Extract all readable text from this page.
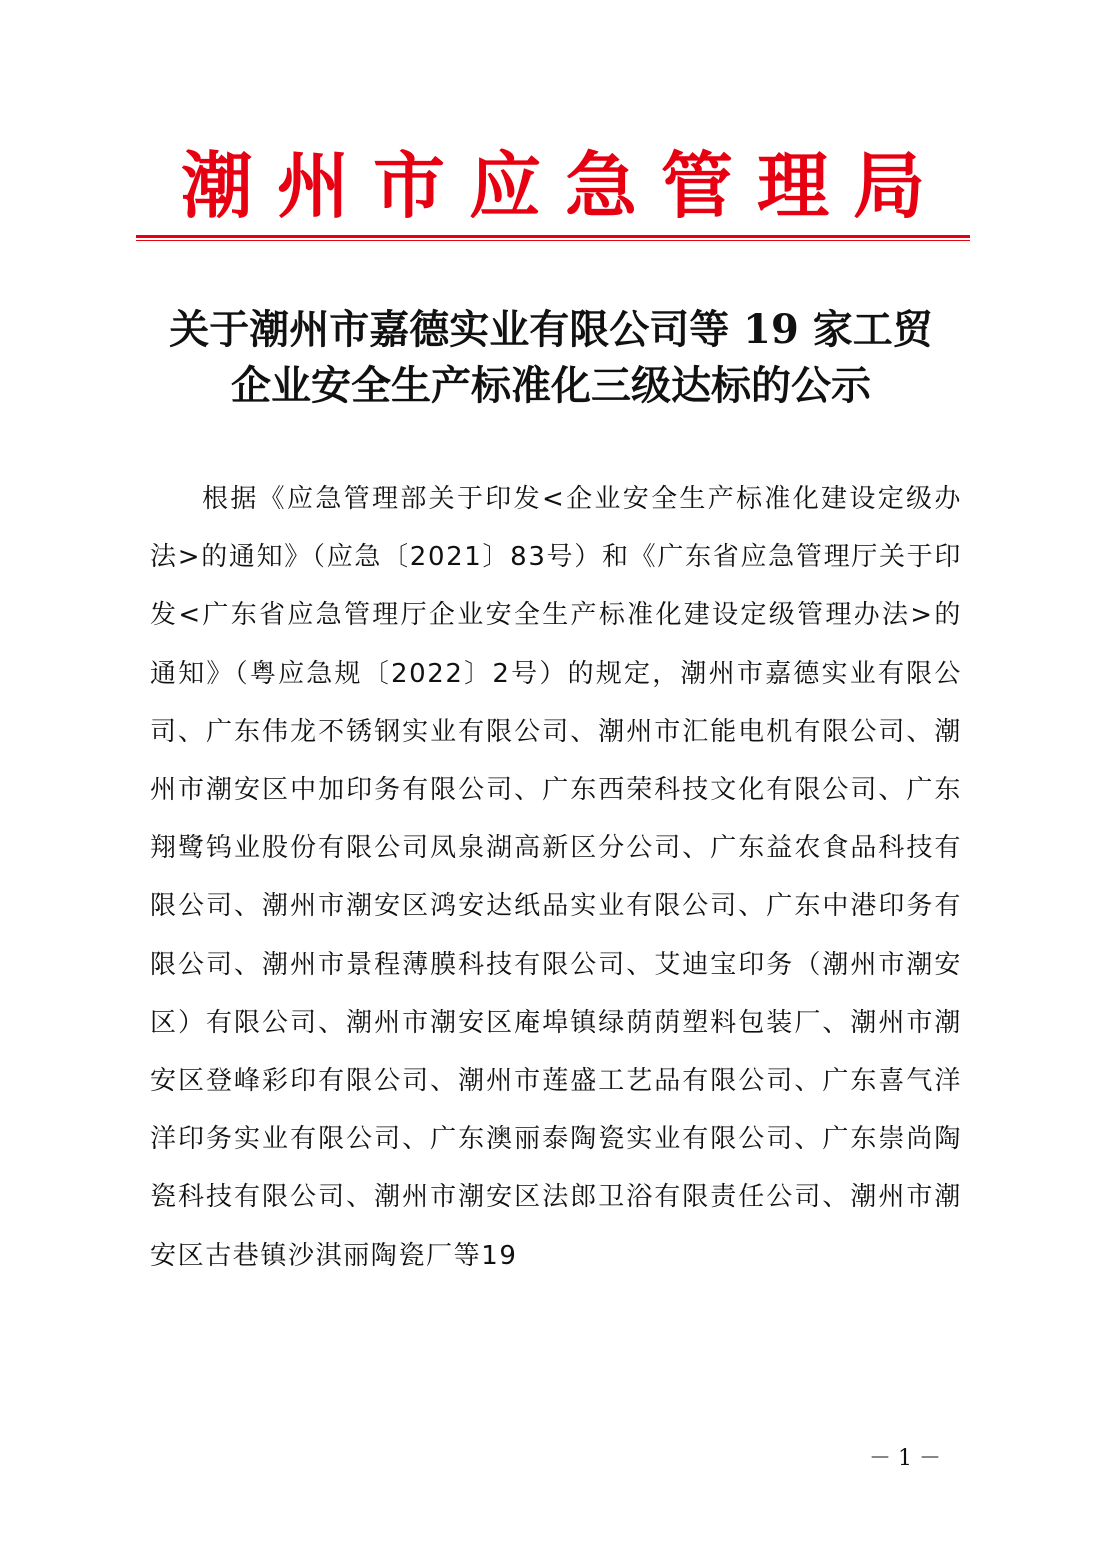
潮州市应急管理局
关于潮州市嘉德实业有限公司等 19 家工贸
企业安全生产标准化三级达标的公示

根据《应急管理部关于印发<企业安全生产标准化建设定级办法>的通知》（应急〔2021〕83号）和《广东省应急管理厅关于印发<广东省应急管理厅企业安全生产标准化建设定级管理办法>的通知》（粤应急规〔2022〕2号）的规定，潮州市嘉德实业有限公司、广东伟龙不锈钢实业有限公司、潮州市汇能电机有限公司、潮州市潮安区中加印务有限公司、广东西荣科技文化有限公司、广东翔鹭钨业股份有限公司凤泉湖高新区分公司、广东益农食品科技有限公司、潮州市潮安区鸿安达纸品实业有限公司、广东中港印务有限公司、潮州市景程薄膜科技有限公司、艾迪宝印务（潮州市潮安区）有限公司、潮州市潮安区庵埠镇绿荫荫塑料包装厂、潮州市潮安区登峰彩印有限公司、潮州市莲盛工艺品有限公司、广东喜气洋洋印务实业有限公司、广东澳丽泰陶瓷实业有限公司、广东崇尚陶瓷科技有限公司、潮州市潮安区法郎卫浴有限责任公司、潮州市潮安区古巷镇沙淇丽陶瓷厂等19

－ 1 －
